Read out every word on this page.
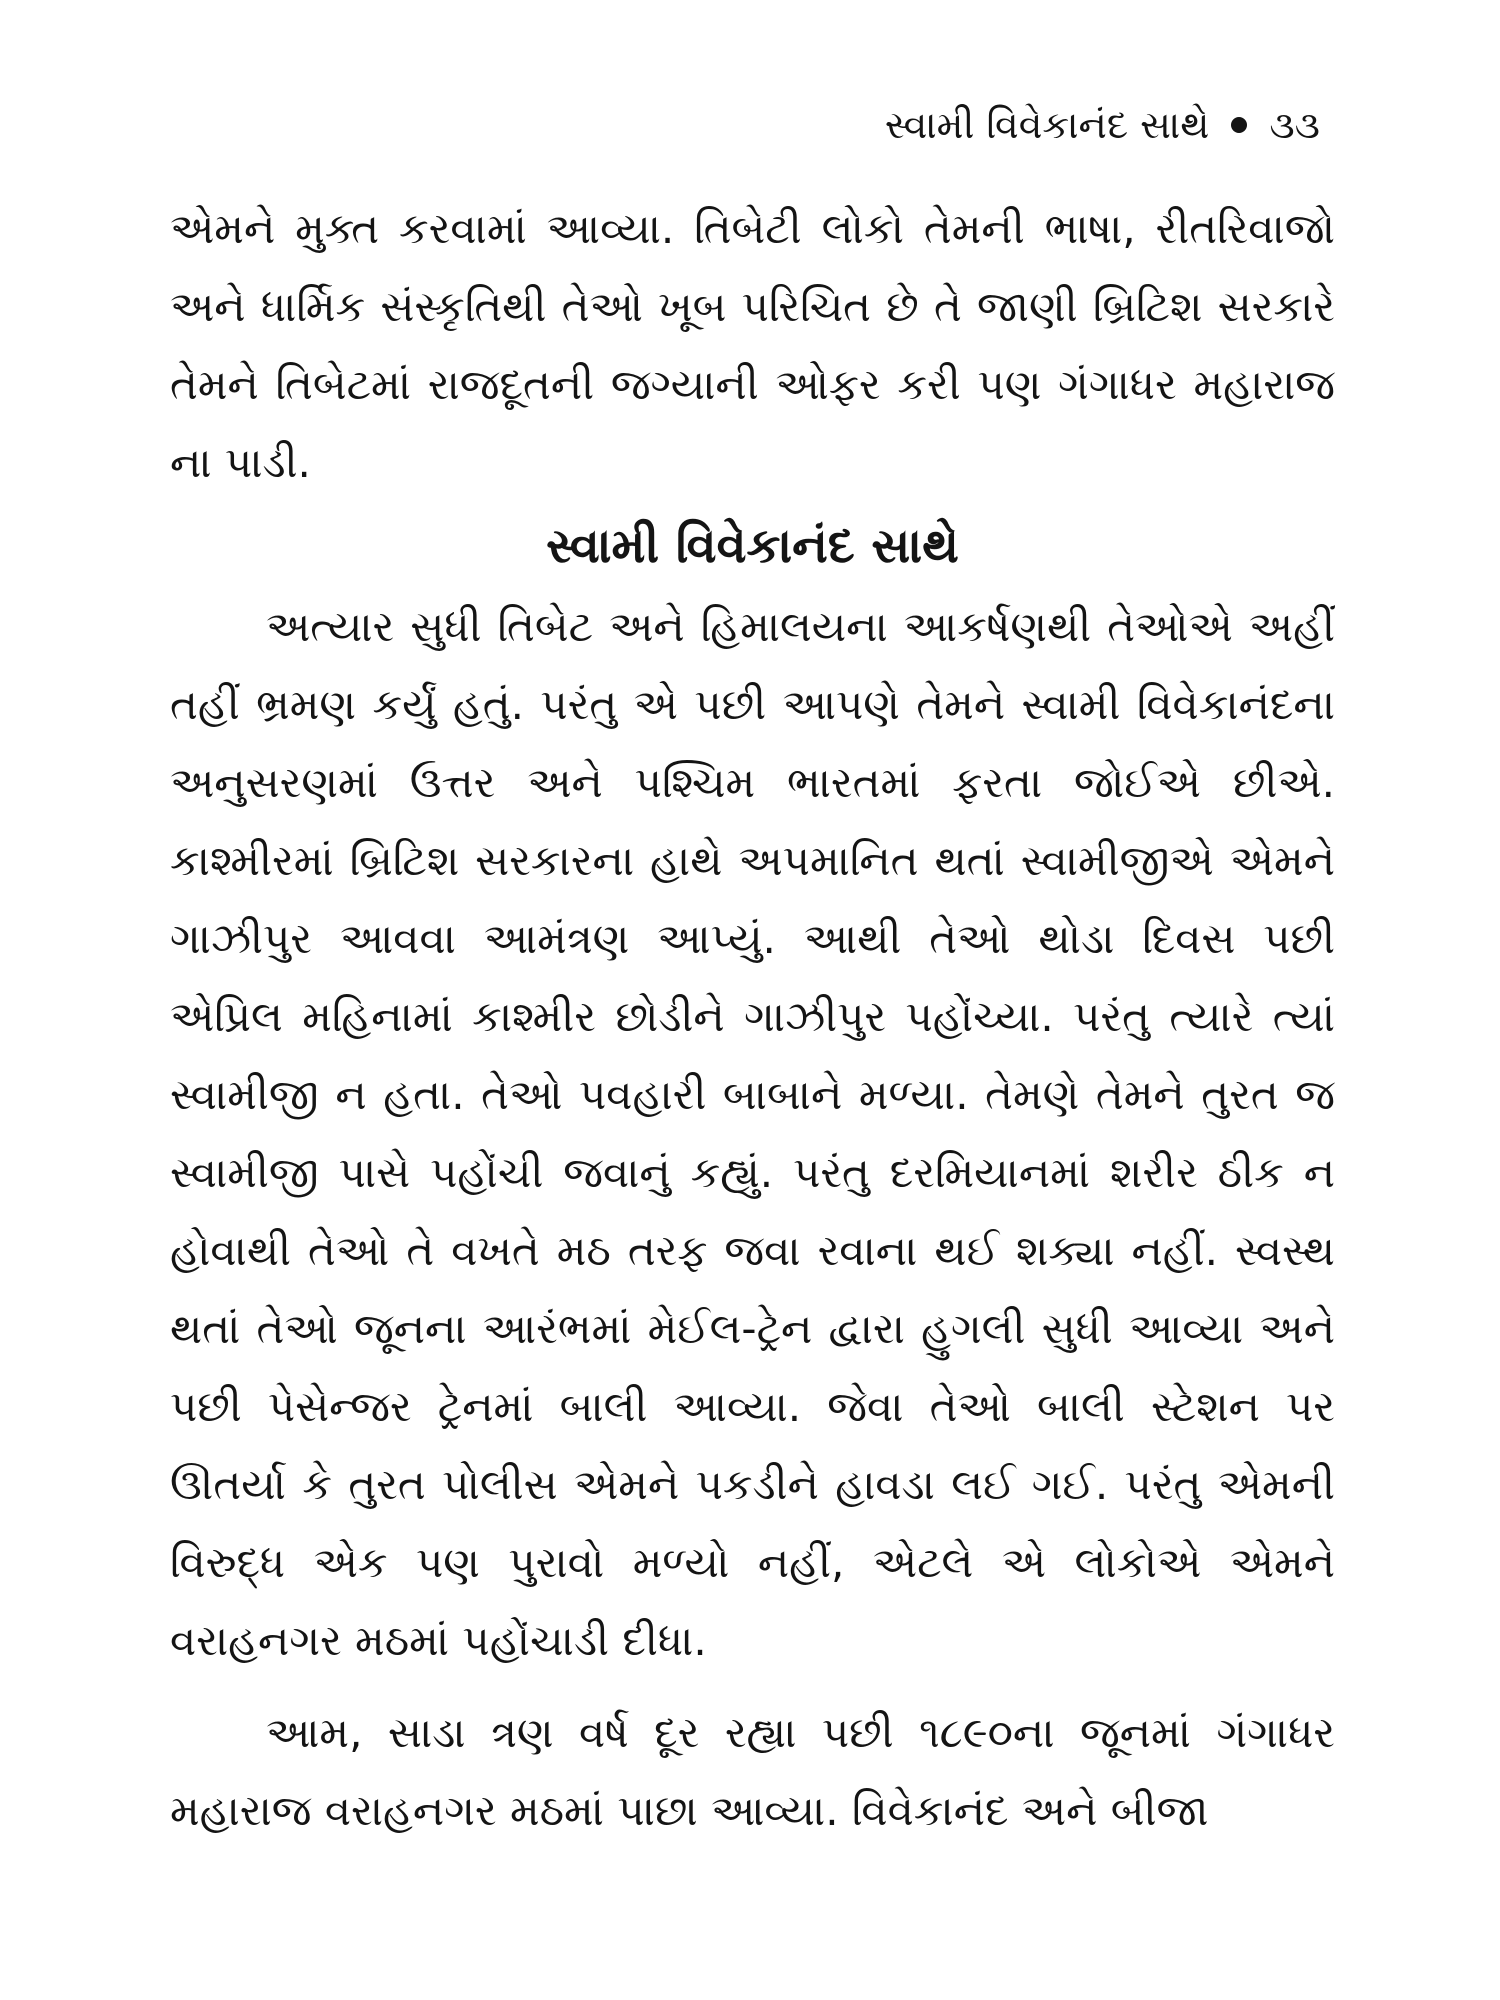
સ્વામી વિવેકાનંદ સાથે ૩૩

એમને મુક્ત કરવામાં આવ્યા. તિબેટી લોકો તેમની ભાષા, રીતરિવાજો અને ધાર્મિક સંસ્કૃતિથી તેઓ ખૂબ પરિચિત છે તે જાણી બ્રિટિશ સરકારે તેમને તિબેટમાં રાજદૂતની જગ્યાની ઓફર કરી પણ ગંગાધર મહારાજ ના પાડી.

સ્વામી વિવેકાનંદ સાથે

અત્યાર સુધી તિબેટ અને હિમાલયના આકર્ષણથી તેઓએ અહીં તહીં ભ્રમણ કર્યું હતું. પરંતુ એ પછી આપણે તેમને સ્વામી વિવેકાનંદના અનુસરણમાં ઉત્તર અને પશ્ચિમ ભારતમાં ફરતા જોઈએ છીએ. કાશ્મીરમાં બ્રિટિશ સરકારના હાથે અપમાનિત થતાં સ્વામીજીએ એમને ગાઝીપુર આવવા આમંત્રણ આપ્યું. આથી તેઓ થોડા દિવસ પછી એપ્રિલ મહિનામાં કાશ્મીર છોડીને ગાઝીપુર પહોંચ્યા. પરંતુ ત્યારે ત્યાં સ્વામીજી ન હતા. તેઓ પવહારી બાબાને મળ્યા. તેમણે તેમને તુરત જ સ્વામીજી પાસે પહોંચી જવાનું કહ્યું. પરંતુ દરમિયાનમાં શરીર ઠીક ન હોવાથી તેઓ તે વખતે મઠ તરફ જવા રવાના થઈ શક્યા નહીં. સ્વસ્થ થતાં તેઓ જૂનના આરંભમાં મેઈલ-ટ્રેન દ્વારા હુગલી સુધી આવ્યા અને પછી પેસેન્જર ટ્રેનમાં બાલી આવ્યા. જેવા તેઓ બાલી સ્ટેશન પર ઊતર્યા કે તુરત પોલીસ એમને પકડીને હાવડા લઈ ગઈ. પરંતુ એમની વિરુદ્ધ એક પણ પુરાવો મળ્યો નહીં, એટલે એ લોકોએ એમને વરાહનગર મઠમાં પહોંચાડી દીધા.

આમ, સાડા ત્રણ વર્ષ દૂર રહ્યા પછી ૧૮૯૦ના જૂનમાં ગંગાધર મહારાજ વરાહનગર મઠમાં પાછા આવ્યા. વિવેકાનંદ અને બીજા
